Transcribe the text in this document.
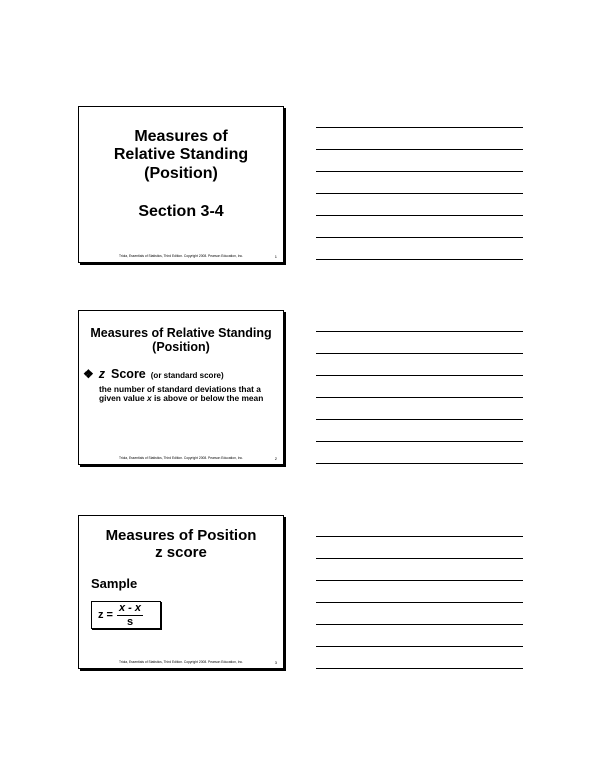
Measures of
Relative Standing
(Position)
Section 3-4
Triola, Essentials of Statistics, Third Edition. Copyright 2008. Pearson Education, Inc.	1
Measures of Relative Standing
(Position)
❖ z Score (or standard score)
the number of standard deviations that a given value x is above or below the mean
Triola, Essentials of Statistics, Third Edition. Copyright 2008. Pearson Education, Inc.	2
Measures of Position
z score
Sample
$z = \frac{x - \overline{x}}{s}$
Triola, Essentials of Statistics, Third Edition. Copyright 2008. Pearson Education, Inc.	3
